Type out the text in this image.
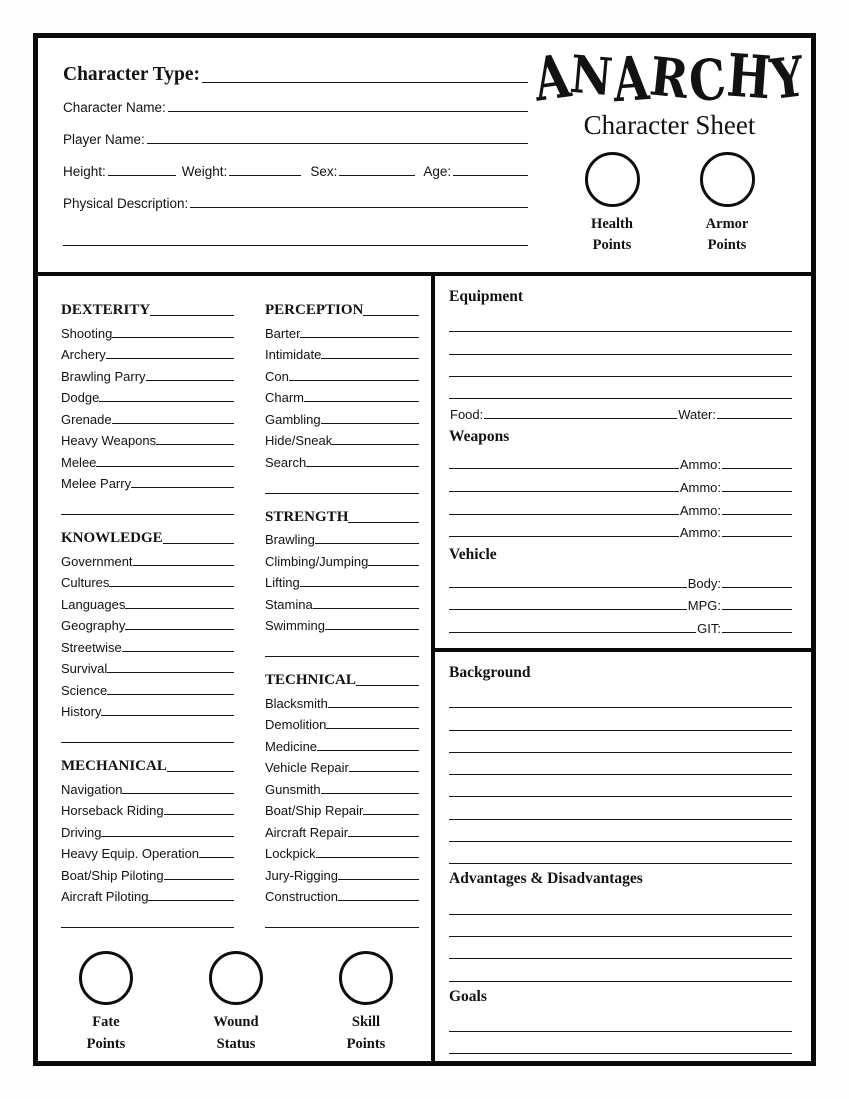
Character Type:
Character Name:
Player Name:
Height:	Weight:	Sex:	Age:
Physical Description:
ANARCHY
Character Sheet
Health
Points
Armor
Points
DEXTERITY
Shooting
Archery
Brawling Parry
Dodge
Grenade
Heavy Weapons
Melee
Melee Parry
KNOWLEDGE
Government
Cultures
Languages
Geography
Streetwise
Survival
Science
History
MECHANICAL
Navigation
Horseback Riding
Driving
Heavy Equip. Operation
Boat/Ship Piloting
Aircraft Piloting
PERCEPTION
Barter
Intimidate
Con
Charm
Gambling
Hide/Sneak
Search
STRENGTH
Brawling
Climbing/Jumping
Lifting
Stamina
Swimming
TECHNICAL
Blacksmith
Demolition
Medicine
Vehicle Repair
Gunsmith
Boat/Ship Repair
Aircraft Repair
Lockpick
Jury-Rigging
Construction
Fate
Points
Wound
Status
Skill
Points
Equipment
Food:	Water:
Weapons
Ammo:
Ammo:
Ammo:
Ammo:
Vehicle
Body:
MPG:
GIT:
Background
Advantages & Disadvantages
Goals
